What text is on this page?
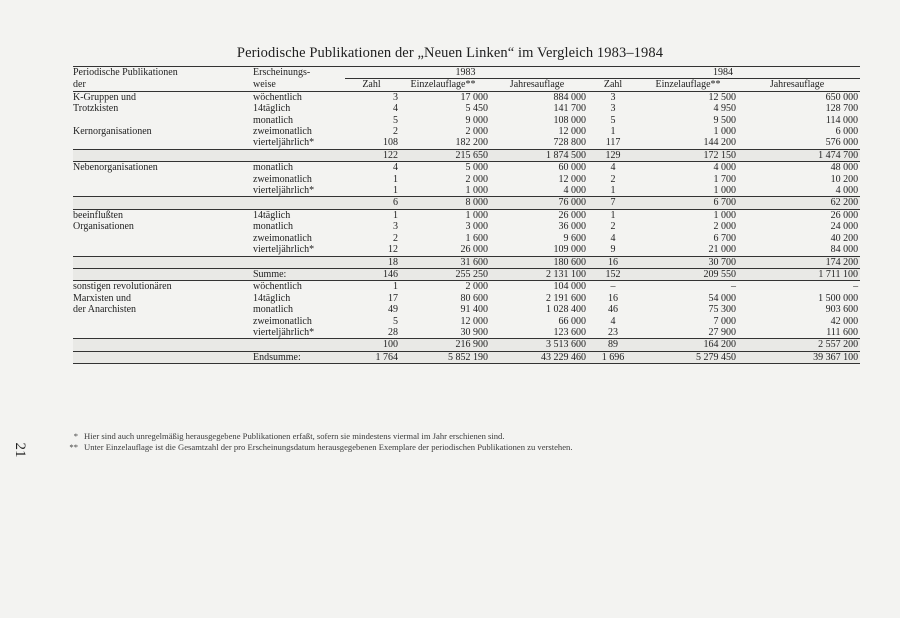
Periodische Publikationen der „Neuen Linken“ im Vergleich 1983–1984
21
Periodische Publikationen	Erscheinungs-	1983			1984		
der	weise	Zahl	Einzelauflage**	Jahresauflage	Zahl	Einzelauflage**	Jahresauflage
K-Gruppen und	wöchentlich	3	17 000	884 000	3	12 500	650 000
Trotzkisten	14täglich	4	5 450	141 700	3	4 950	128 700
	monatlich	5	9 000	108 000	5	9 500	114 000
Kernorganisationen	zweimonatlich	2	2 000	12 000	1	1 000	6 000
	vierteljährlich*	108	182 200	728 800	117	144 200	576 000
		122	215 650	1 874 500	129	172 150	1 474 700
Nebenorganisationen	monatlich	4	5 000	60 000	4	4 000	48 000
	zweimonatlich	1	2 000	12 000	2	1 700	10 200
	vierteljährlich*	1	1 000	4 000	1	1 000	4 000
		6	8 000	76 000	7	6 700	62 200
beeinflußten	14täglich	1	1 000	26 000	1	1 000	26 000
Organisationen	monatlich	3	3 000	36 000	2	2 000	24 000
	zweimonatlich	2	1 600	9 600	4	6 700	40 200
	vierteljährlich*	12	26 000	109 000	9	21 000	84 000
		18	31 600	180 600	16	30 700	174 200
	Summe:	146	255 250	2 131 100	152	209 550	1 711 100
sonstigen revolutionären	wöchentlich	1	2 000	104 000	–	–	–
Marxisten und	14täglich	17	80 600	2 191 600	16	54 000	1 500 000
der Anarchisten	monatlich	49	91 400	1 028 400	46	75 300	903 600
	zweimonatlich	5	12 000	66 000	4	7 000	42 000
	vierteljährlich*	28	30 900	123 600	23	27 900	111 600
		100	216 900	3 513 600	89	164 200	2 557 200
	Endsumme:	1 764	5 852 190	43 229 460	1 696	5 279 450	39 367 100
* Hier sind auch unregelmäßig herausgegebene Publikationen erfaßt, sofern sie mindestens viermal im Jahr erschienen sind.
** Unter Einzelauflage ist die Gesamtzahl der pro Erscheinungsdatum herausgegebenen Exemplare der periodischen Publikationen zu verstehen.
